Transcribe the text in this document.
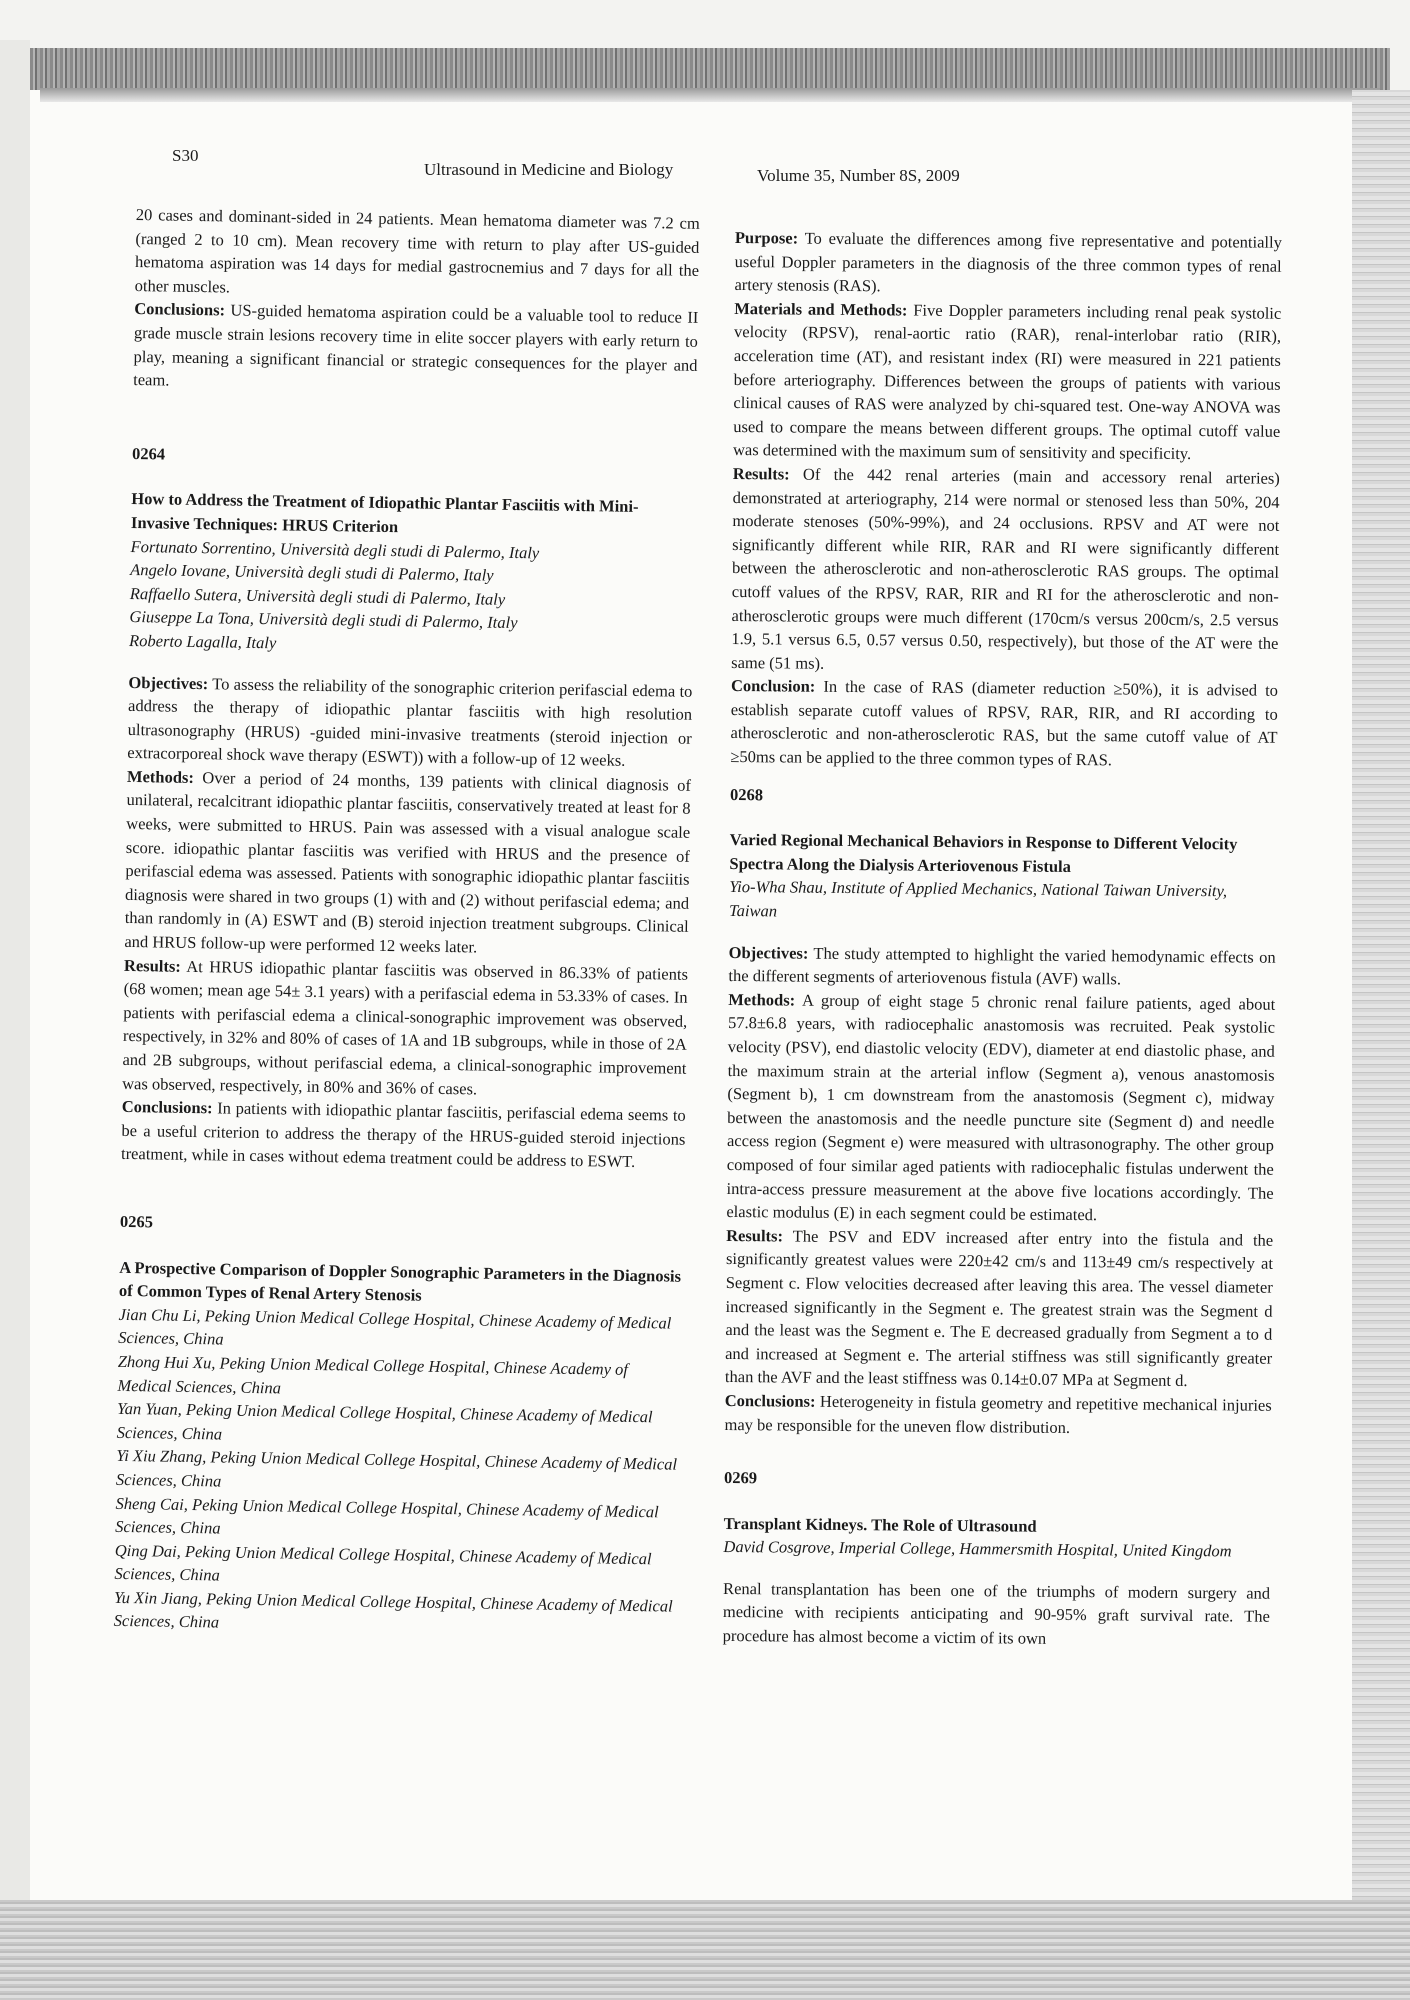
S30
Ultrasound in Medicine and Biology	Volume 35, Number 8S, 2009

20 cases and dominant-sided in 24 patients. Mean hematoma diameter was 7.2 cm (ranged 2 to 10 cm). Mean recovery time with return to play after US-guided hematoma aspiration was 14 days for medial gastrocnemius and 7 days for all the other muscles.

Conclusions: US-guided hematoma aspiration could be a valuable tool to reduce II grade muscle strain lesions recovery time in elite soccer players with early return to play, meaning a significant financial or strategic consequences for the player and team.

0264

How to Address the Treatment of Idiopathic Plantar Fasciitis with Mini-Invasive Techniques: HRUS Criterion

Fortunato Sorrentino, Università degli studi di Palermo, Italy

Angelo Iovane, Università degli studi di Palermo, Italy

Raffaello Sutera, Università degli studi di Palermo, Italy

Giuseppe La Tona, Università degli studi di Palermo, Italy

Roberto Lagalla, Italy

Objectives: To assess the reliability of the sonographic criterion perifascial edema to address the therapy of idiopathic plantar fasciitis with high resolution ultrasonography (HRUS) -guided mini-invasive treatments (steroid injection or extracorporeal shock wave therapy (ESWT)) with a follow-up of 12 weeks.

Methods: Over a period of 24 months, 139 patients with clinical diagnosis of unilateral, recalcitrant idiopathic plantar fasciitis, conservatively treated at least for 8 weeks, were submitted to HRUS. Pain was assessed with a visual analogue scale score. idiopathic plantar fasciitis was verified with HRUS and the presence of perifascial edema was assessed. Patients with sonographic idiopathic plantar fasciitis diagnosis were shared in two groups (1) with and (2) without perifascial edema; and than randomly in (A) ESWT and (B) steroid injection treatment subgroups. Clinical and HRUS follow-up were performed 12 weeks later.

Results: At HRUS idiopathic plantar fasciitis was observed in 86.33% of patients (68 women; mean age 54± 3.1 years) with a perifascial edema in 53.33% of cases. In patients with perifascial edema a clinical-sonographic improvement was observed, respectively, in 32% and 80% of cases of 1A and 1B subgroups, while in those of 2A and 2B subgroups, without perifascial edema, a clinical-sonographic improvement was observed, respectively, in 80% and 36% of cases.

Conclusions: In patients with idiopathic plantar fasciitis, perifascial edema seems to be a useful criterion to address the therapy of the HRUS-guided steroid injections treatment, while in cases without edema treatment could be address to ESWT.

0265

A Prospective Comparison of Doppler Sonographic Parameters in the Diagnosis of Common Types of Renal Artery Stenosis

Jian Chu Li, Peking Union Medical College Hospital, Chinese Academy of Medical Sciences, China

Zhong Hui Xu, Peking Union Medical College Hospital, Chinese Academy of Medical Sciences, China

Yan Yuan, Peking Union Medical College Hospital, Chinese Academy of Medical Sciences, China

Yi Xiu Zhang, Peking Union Medical College Hospital, Chinese Academy of Medical Sciences, China

Sheng Cai, Peking Union Medical College Hospital, Chinese Academy of Medical Sciences, China

Qing Dai, Peking Union Medical College Hospital, Chinese Academy of Medical Sciences, China

Yu Xin Jiang, Peking Union Medical College Hospital, Chinese Academy of Medical Sciences, China

Purpose: To evaluate the differences among five representative and potentially useful Doppler parameters in the diagnosis of the three common types of renal artery stenosis (RAS).

Materials and Methods: Five Doppler parameters including renal peak systolic velocity (RPSV), renal-aortic ratio (RAR), renal-interlobar ratio (RIR), acceleration time (AT), and resistant index (RI) were measured in 221 patients before arteriography. Differences between the groups of patients with various clinical causes of RAS were analyzed by chi-squared test. One-way ANOVA was used to compare the means between different groups. The optimal cutoff value was determined with the maximum sum of sensitivity and specificity.

Results: Of the 442 renal arteries (main and accessory renal arteries) demonstrated at arteriography, 214 were normal or stenosed less than 50%, 204 moderate stenoses (50%-99%), and 24 occlusions. RPSV and AT were not significantly different while RIR, RAR and RI were significantly different between the atherosclerotic and non-atherosclerotic RAS groups. The optimal cutoff values of the RPSV, RAR, RIR and RI for the atherosclerotic and non-atherosclerotic groups were much different (170cm/s versus 200cm/s, 2.5 versus 1.9, 5.1 versus 6.5, 0.57 versus 0.50, respectively), but those of the AT were the same (51 ms).

Conclusion: In the case of RAS (diameter reduction ≥50%), it is advised to establish separate cutoff values of RPSV, RAR, RIR, and RI according to atherosclerotic and non-atherosclerotic RAS, but the same cutoff value of AT ≥50ms can be applied to the three common types of RAS.

0268

Varied Regional Mechanical Behaviors in Response to Different Velocity Spectra Along the Dialysis Arteriovenous Fistula

Yio-Wha Shau, Institute of Applied Mechanics, National Taiwan University, Taiwan

Objectives: The study attempted to highlight the varied hemodynamic effects on the different segments of arteriovenous fistula (AVF) walls.

Methods: A group of eight stage 5 chronic renal failure patients, aged about 57.8±6.8 years, with radiocephalic anastomosis was recruited. Peak systolic velocity (PSV), end diastolic velocity (EDV), diameter at end diastolic phase, and the maximum strain at the arterial inflow (Segment a), venous anastomosis (Segment b), 1 cm downstream from the anastomosis (Segment c), midway between the anastomosis and the needle puncture site (Segment d) and needle access region (Segment e) were measured with ultrasonography. The other group composed of four similar aged patients with radiocephalic fistulas underwent the intra-access pressure measurement at the above five locations accordingly. The elastic modulus (E) in each segment could be estimated.

Results: The PSV and EDV increased after entry into the fistula and the significantly greatest values were 220±42 cm/s and 113±49 cm/s respectively at Segment c. Flow velocities decreased after leaving this area. The vessel diameter increased significantly in the Segment e. The greatest strain was the Segment d and the least was the Segment e. The E decreased gradually from Segment a to d and increased at Segment e. The arterial stiffness was still significantly greater than the AVF and the least stiffness was 0.14±0.07 MPa at Segment d.

Conclusions: Heterogeneity in fistula geometry and repetitive mechanical injuries may be responsible for the uneven flow distribution.

0269

Transplant Kidneys. The Role of Ultrasound

David Cosgrove, Imperial College, Hammersmith Hospital, United Kingdom

Renal transplantation has been one of the triumphs of modern surgery and medicine with recipients anticipating and 90-95% graft survival rate. The procedure has almost become a victim of its own
